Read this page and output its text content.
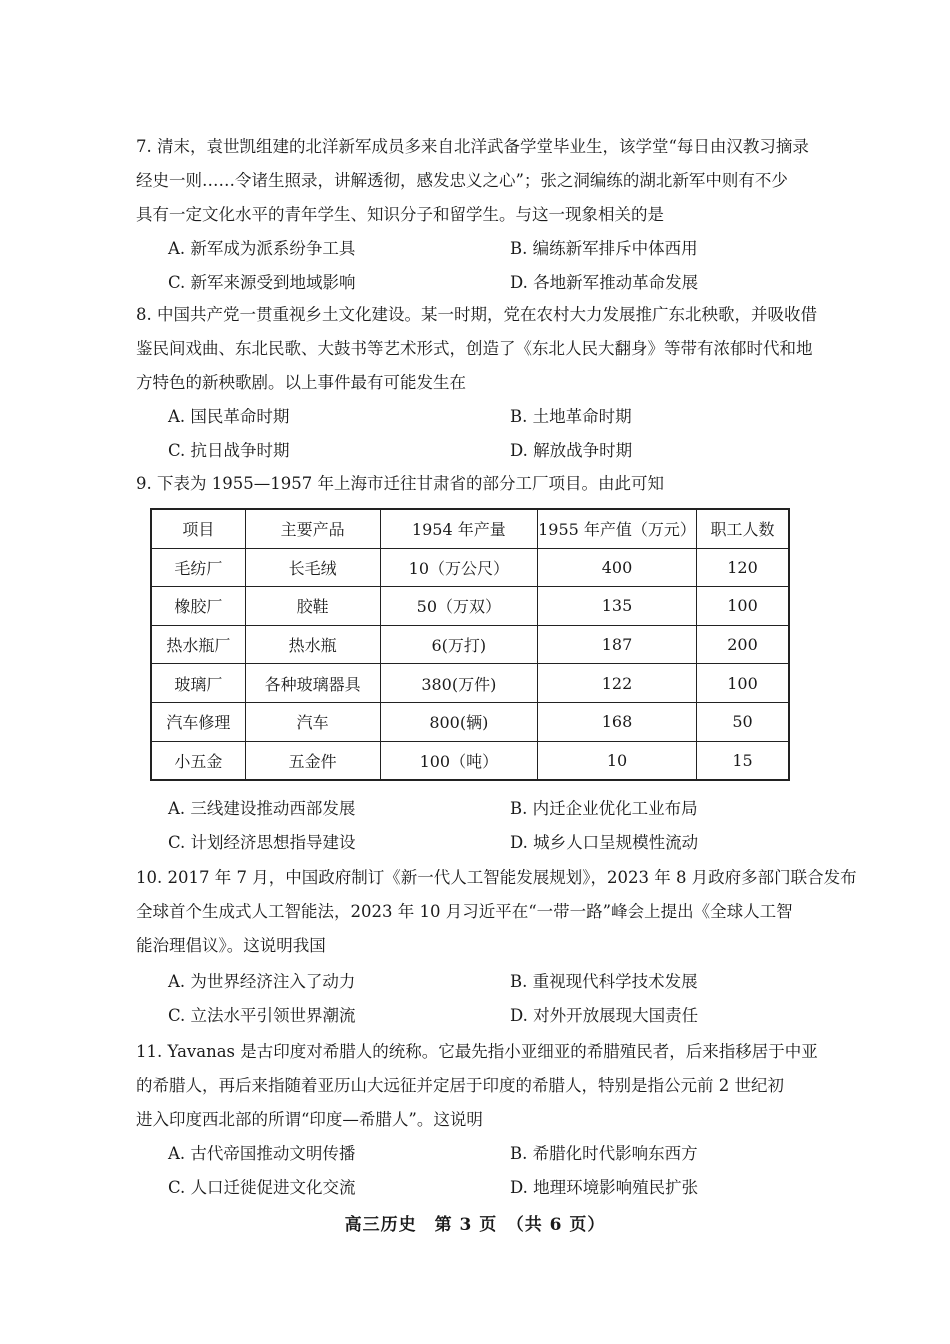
7. 清末，袁世凯组建的北洋新军成员多来自北洋武备学堂毕业生，该学堂“每日由汉教习摘录
经史一则……令诸生照录，讲解透彻，感发忠义之心”；张之洞编练的湖北新军中则有不少
具有一定文化水平的青年学生、知识分子和留学生。与这一现象相关的是
A. 新军成为派系纷争工具	B. 编练新军排斥中体西用
C. 新军来源受到地域影响	D. 各地新军推动革命发展
8. 中国共产党一贯重视乡土文化建设。某一时期，党在农村大力发展推广东北秧歌，并吸收借
鉴民间戏曲、东北民歌、大鼓书等艺术形式，创造了《东北人民大翻身》等带有浓郁时代和地
方特色的新秧歌剧。以上事件最有可能发生在
A. 国民革命时期	B. 土地革命时期
C. 抗日战争时期	D. 解放战争时期
9. 下表为 1955—1957 年上海市迁往甘肃省的部分工厂项目。由此可知
项目	主要产品	1954 年产量	1955 年产值（万元）	职工人数
毛纺厂	长毛绒	10（万公尺）	400	120
橡胶厂	胶鞋	50（万双）	135	100
热水瓶厂	热水瓶	6(万打)	187	200
玻璃厂	各种玻璃器具	380(万件)	122	100
汽车修理	汽车	800(辆)	168	50
小五金	五金件	100（吨）	10	15
A. 三线建设推动西部发展	B. 内迁企业优化工业布局
C. 计划经济思想指导建设	D. 城乡人口呈规模性流动
10. 2017 年 7 月，中国政府制订《新一代人工智能发展规划》，2023 年 8 月政府多部门联合发布
全球首个生成式人工智能法，2023 年 10 月习近平在“一带一路”峰会上提出《全球人工智
能治理倡议》。这说明我国
A. 为世界经济注入了动力	B. 重视现代科学技术发展
C. 立法水平引领世界潮流	D. 对外开放展现大国责任
11. Yavanas 是古印度对希腊人的统称。它最先指小亚细亚的希腊殖民者，后来指移居于中亚
的希腊人，再后来指随着亚历山大远征并定居于印度的希腊人，特别是指公元前 2 世纪初
进入印度西北部的所谓“印度—希腊人”。这说明
A. 古代帝国推动文明传播	B. 希腊化时代影响东西方
C. 人口迁徙促进文化交流	D. 地理环境影响殖民扩张
高三历史　第 3 页　（共 6 页）
